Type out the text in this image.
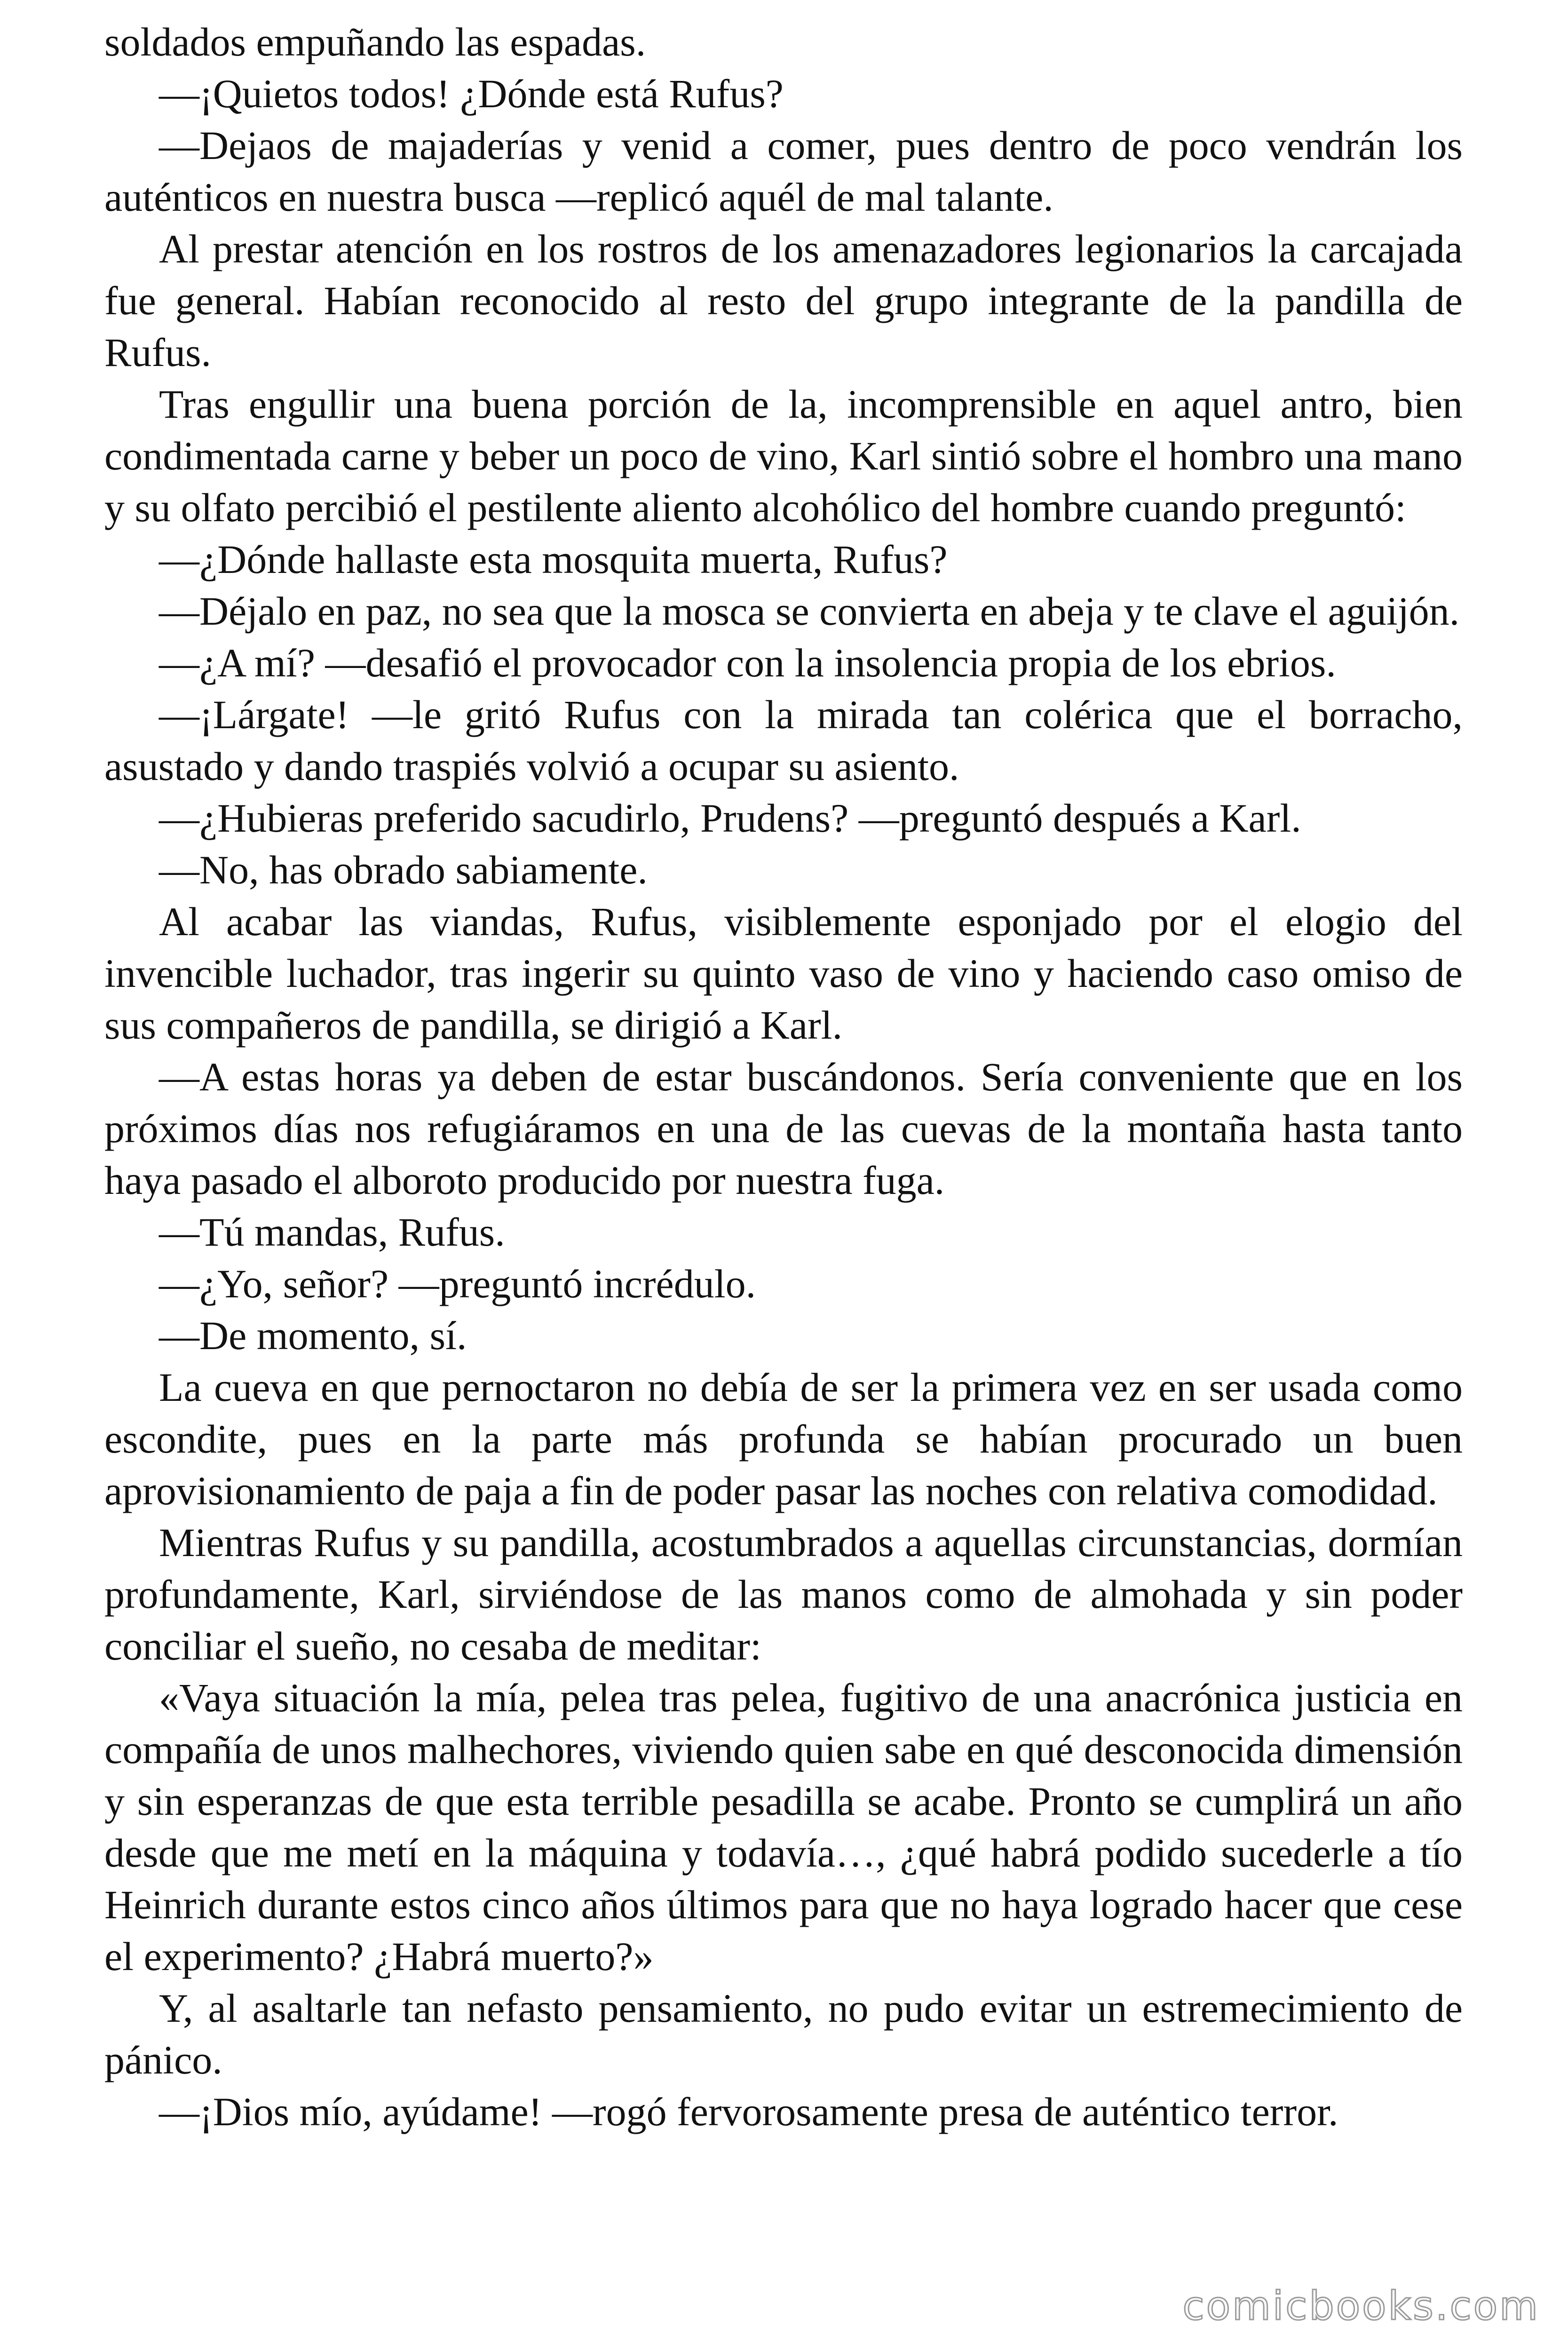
soldados empuñando las espadas.

—¡Quietos todos! ¿Dónde está Rufus?

—Dejaos de majaderías y venid a comer, pues dentro de poco vendrán los auténticos en nuestra busca —replicó aquél de mal talante.

Al prestar atención en los rostros de los amenazadores legionarios la carcajada fue general. Habían reconocido al resto del grupo integrante de la pandilla de Rufus.

Tras engullir una buena porción de la, incomprensible en aquel antro, bien condimentada carne y beber un poco de vino, Karl sintió sobre el hombro una mano y su olfato percibió el pestilente aliento alcohólico del hombre cuando preguntó:

—¿Dónde hallaste esta mosquita muerta, Rufus?

—Déjalo en paz, no sea que la mosca se convierta en abeja y te clave el aguijón.

—¿A mí? —desafió el provocador con la insolencia propia de los ebrios.

—¡Lárgate! —le gritó Rufus con la mirada tan colérica que el borracho, asustado y dando traspiés volvió a ocupar su asiento.

—¿Hubieras preferido sacudirlo, Prudens? —preguntó después a Karl.

—No, has obrado sabiamente.

Al acabar las viandas, Rufus, visiblemente esponjado por el elogio del invencible luchador, tras ingerir su quinto vaso de vino y haciendo caso omiso de sus compañeros de pandilla, se dirigió a Karl.

—A estas horas ya deben de estar buscándonos. Sería conveniente que en los próximos días nos refugiáramos en una de las cuevas de la montaña hasta tanto haya pasado el alboroto producido por nuestra fuga.

—Tú mandas, Rufus.

—¿Yo, señor? —preguntó incrédulo.

—De momento, sí.

La cueva en que pernoctaron no debía de ser la primera vez en ser usada como escondite, pues en la parte más profunda se habían procurado un buen aprovisionamiento de paja a fin de poder pasar las noches con relativa comodidad.

Mientras Rufus y su pandilla, acostumbrados a aquellas circunstancias, dormían profundamente, Karl, sirviéndose de las manos como de almohada y sin poder conciliar el sueño, no cesaba de meditar:

«Vaya situación la mía, pelea tras pelea, fugitivo de una anacrónica justicia en compañía de unos malhechores, viviendo quien sabe en qué desconocida dimensión y sin esperanzas de que esta terrible pesadilla se acabe. Pronto se cumplirá un año desde que me metí en la máquina y todavía…, ¿qué habrá podido sucederle a tío Heinrich durante estos cinco años últimos para que no haya logrado hacer que cese el experimento? ¿Habrá muerto?»

Y, al asaltarle tan nefasto pensamiento, no pudo evitar un estremecimiento de pánico.

—¡Dios mío, ayúdame! —rogó fervorosamente presa de auténtico terror.

comicbooks.com
